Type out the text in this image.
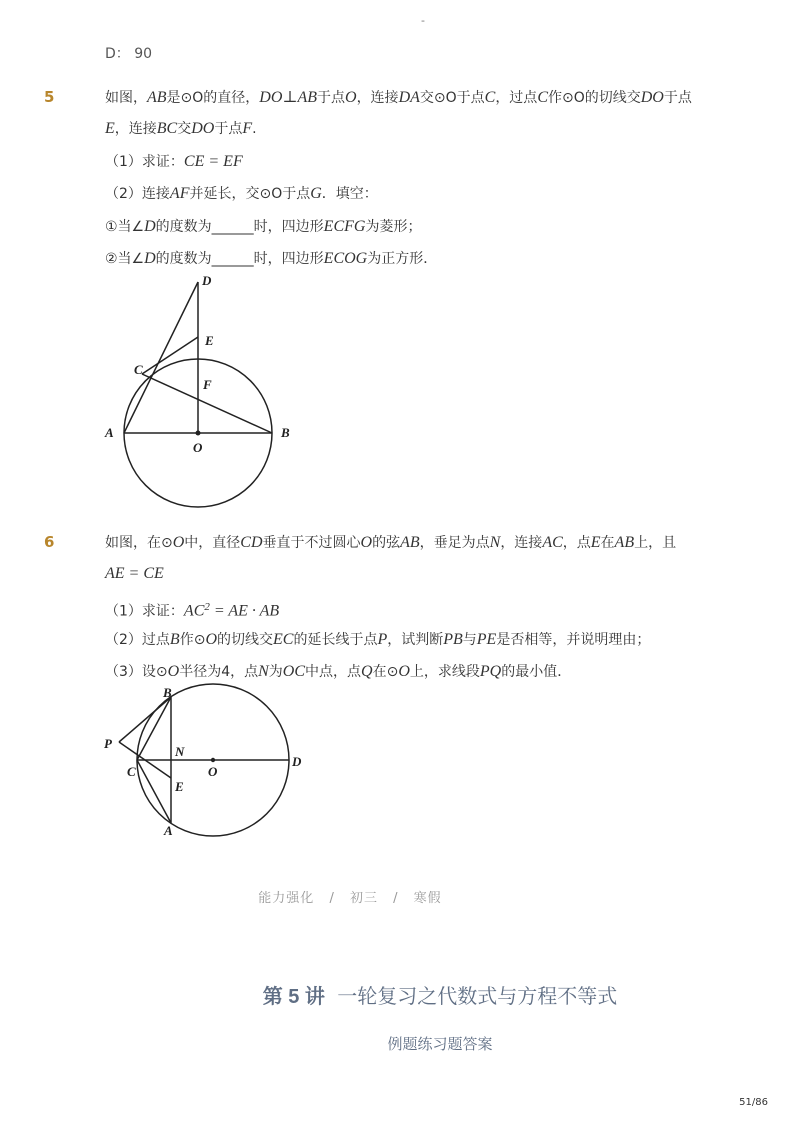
-
D： 90
5	如图，AB是⊙O的直径，DO⊥AB于点O，连接DA交⊙O于点C，过点C作⊙O的切线交DO于点
E，连接BC交DO于点F.
（1）求证：CE = EF
（2）连接AF并延长，交⊙O于点G．填空：
①当∠D的度数为______时，四边形ECFG为菱形；
②当∠D的度数为______时，四边形ECOG为正方形．
D
E
C
F
A
O
B
6	如图，在⊙O中，直径CD垂直于不过圆心O的弦AB，垂足为点N，连接AC，点E在AB上，且
AE = CE
（1）求证：$AC^2$ = AE · AB
（2）过点B作⊙O的切线交EC的延长线于点P，试判断PB与PE是否相等，并说明理由；
（3）设⊙O半径为4，点N为OC中点，点Q在⊙O上，求线段PQ的最小值．
B
P
N
C	O
D
E
A
能力强化 / 初三 / 寒假
第 5 讲 一轮复习之代数式与方程不等式
例题练习题答案
51/86
